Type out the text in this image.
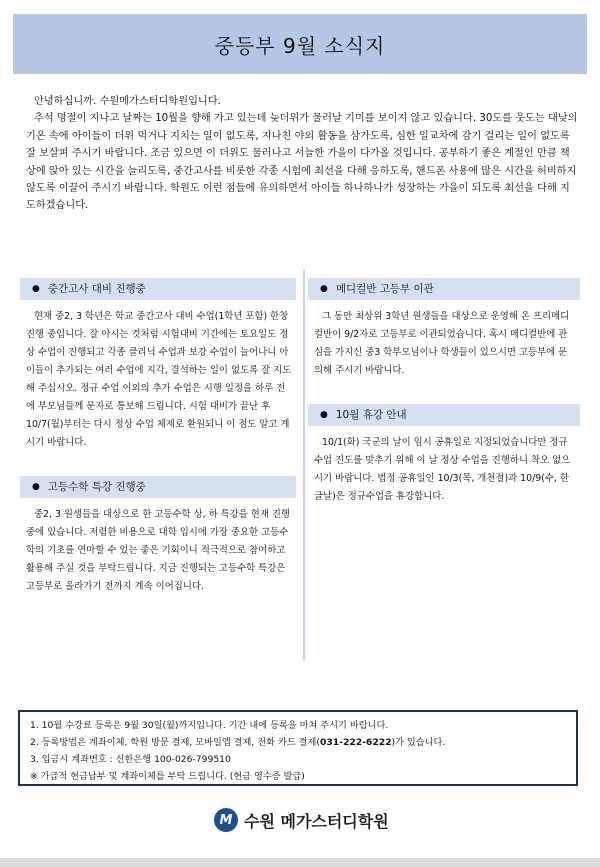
중등부 9월 소식지

안녕하십니까. 수원메가스터디학원입니다.

추석 명절이 지나고 날짜는 10월을 향해 가고 있는데 늦더위가 물러날 기미를 보이지 않고 있습니다. 30도를 웃도는 대낮의 기온 속에 아이들이 더위 먹거나 지치는 일이 없도록, 지나친 야외 활동을 삼가도록, 심한 일교차에 감기 걸리는 일이 없도록 잘 보살펴 주시기 바랍니다. 조금 있으면 이 더위도 물러나고 서늘한 가을이 다가올 것입니다. 공부하기 좋은 계절인 만큼 책상에 앉아 있는 시간을 늘리도록, 중간고사를 비롯한 각종 시험에 최선을 다해 응하도록, 핸드폰 사용에 많은 시간을 허비하지 않도록 이끌어 주시기 바랍니다. 학원도 이런 점들에 유의하면서 아이들 하나하나가 성장하는 가을이 되도록 최선을 다해 지도하겠습니다.

● 중간고사 대비 진행중

현재 중2, 3 학년은 학교 중간고사 대비 수업(1학년 포함) 한창 진행 중입니다. 잘 아시는 것처럼 시험대비 기간에는 토요일도 정상 수업이 진행되고 각종 클리닉 수업과 보강 수업이 늘어나니 아이들이 추가되는 여러 수업에 지각, 결석하는 일이 없도록 잘 지도해 주십시오. 정규 수업 이외의 추가 수업은 시행 일정을 하루 전에 부모님들께 문자로 통보해 드립니다. 시험 대비가 끝난 후 10/7(월)부터는 다시 정상 수업 체제로 환원되니 이 점도 알고 계시기 바랍니다.

● 고등수학 특강 진행중

중2, 3 원생들을 대상으로 한 고등수학 상, 하 특강을 현재 진행 중에 있습니다. 저렴한 비용으로 대학 입시에 가장 중요한 고등수학의 기초를 연마할 수 있는 좋은 기회이니 적극적으로 참여하고 활용해 주실 것을 부탁드립니다. 지금 진행되는 고등수학 특강은 고등부로 올라가기 전까지 계속 이어집니다.

● 메디컬반 고등부 이관

그 동안 최상위 3학년 원생들을 대상으로 운영해 온 프리메디컬반이 9/2자로 고등부로 이관되었습니다. 혹시 메디컬반에 관심을 가지신 중3 학부모님이나 학생들이 있으시면 고등부에 문의해 주시기 바랍니다.

● 10월 휴강 안내

10/1(화) 국군의 날이 임시 공휴일로 지정되었습니다만 정규 수업 진도를 맞추기 위해 이 날 정상 수업을 진행하니 착오 없으시기 바랍니다. 법정 공휴일인 10/3(목, 개천절)과 10/9(수, 한글날)은 정규수업을 휴강합니다.

1. 10월 수강료 등록은 9월 30일(월)까지입니다. 기간 내에 등록을 마쳐 주시기 바랍니다.

2. 등록방법은 계좌이체, 학원 방문 결제, 모바일앱 결제, 전화 카드 결제(031-222-6222)가 있습니다.

3. 입금시 계좌번호 : 신한은행 100-026-799510

※ 가급적 현금납부 및 계좌이체를 부탁 드립니다. (현금 영수증 발급)

M 수원 메가스터디학원
